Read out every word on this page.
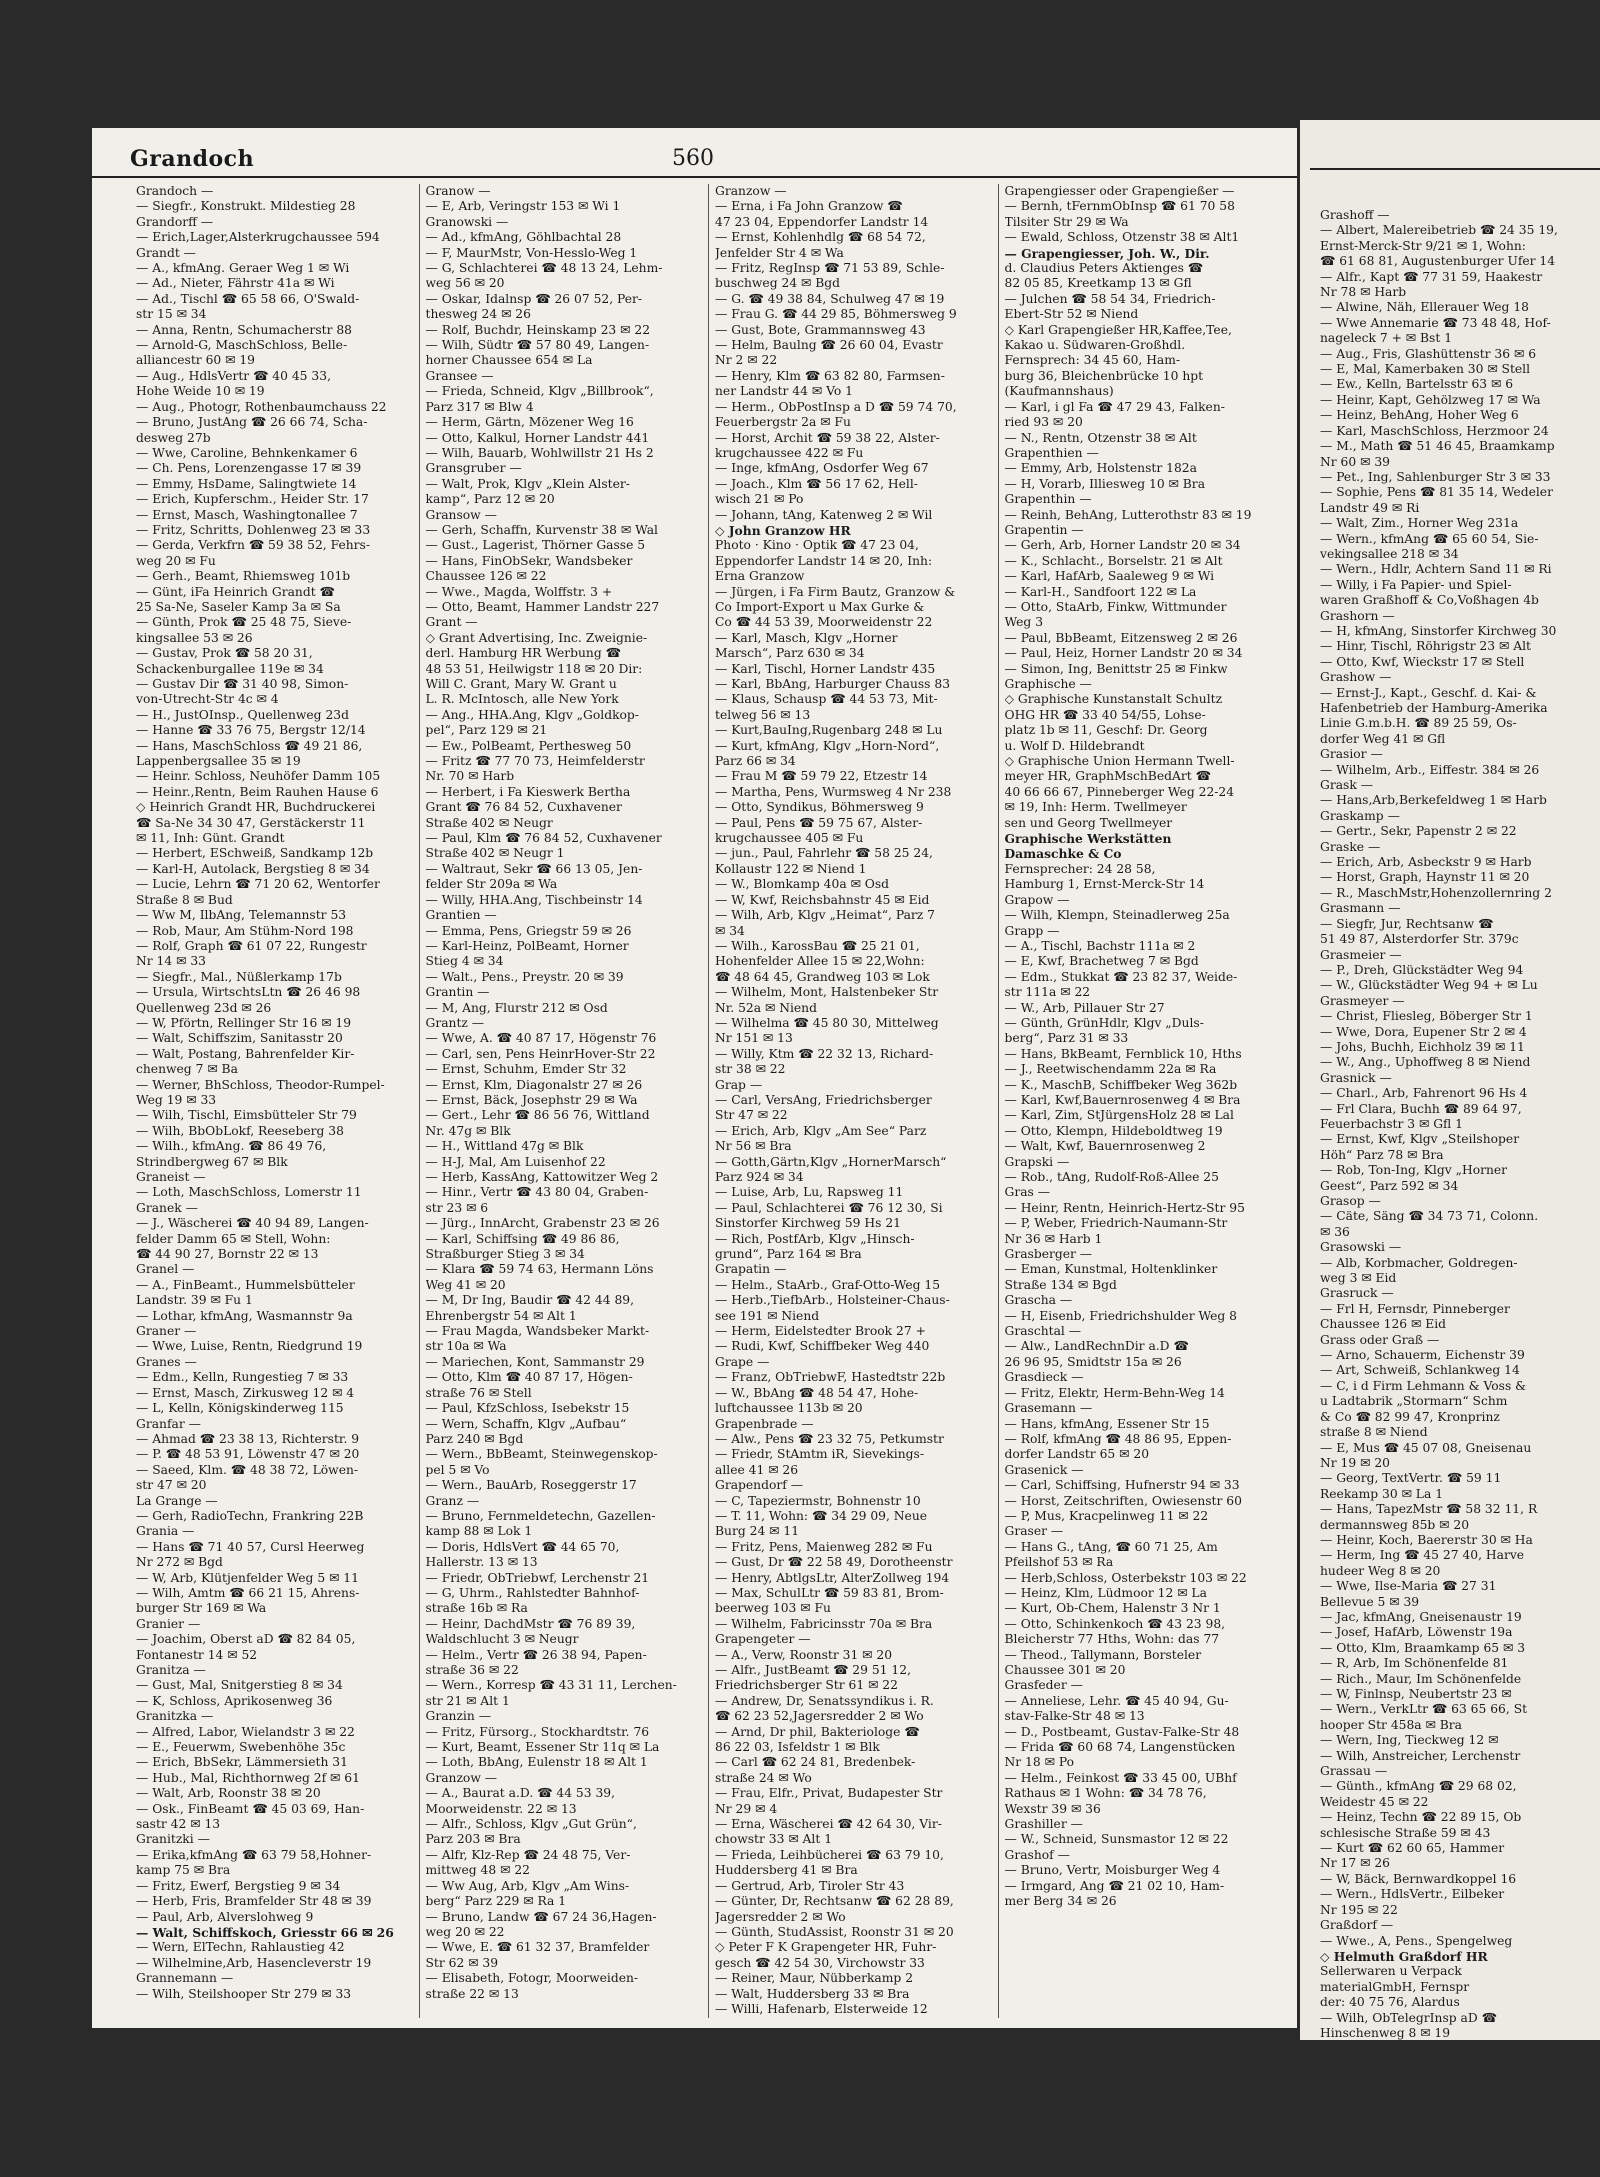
Grandoch	560
Grandoch —
— Siegfr., Konstrukt. Mildestieg 28
Grandorff —
— Erich,Lager,Alsterkrugchaussee 594
Grandt —
— A., kfmAng. Geraer Weg 1 ✉ Wi
— Ad., Nieter, Fährstr 41a ✉ Wi
— Ad., Tischl ☎ 65 58 66, O'Swald-
str 15 ✉ 34
— Anna, Rentn, Schumacherstr 88
— Arnold-G, MaschSchloss, Belle-
alliancestr 60 ✉ 19
— Aug., HdlsVertr ☎ 40 45 33,
Hohe Weide 10 ✉ 19
— Aug., Photogr, Rothenbaumchauss 22
— Bruno, JustAng ☎ 26 66 74, Scha-
desweg 27b
— Wwe, Caroline, Behnkenkamer 6
— Ch. Pens, Lorenzengasse 17 ✉ 39
— Emmy, HsDame, Salingtwiete 14
— Erich, Kupferschm., Heider Str. 17
— Ernst, Masch, Washingtonallee 7
— Fritz, Schritts, Dohlenweg 23 ✉ 33
— Gerda, Verkfrn ☎ 59 38 52, Fehrs-
weg 20 ✉ Fu
— Gerh., Beamt, Rhiemsweg 101b
— Günt, iFa Heinrich Grandt ☎
25 Sa-Ne, Saseler Kamp 3a ✉ Sa
— Günth, Prok ☎ 25 48 75, Sieve-
kingsallee 53 ✉ 26
— Gustav, Prok ☎ 58 20 31,
Schackenburgallee 119e ✉ 34
— Gustav Dir ☎ 31 40 98, Simon-
von-Utrecht-Str 4c ✉ 4
— H., JustOInsp., Quellenweg 23d
— Hanne ☎ 33 76 75, Bergstr 12/14
— Hans, MaschSchloss ☎ 49 21 86,
Lappenbergsallee 35 ✉ 19
— Heinr. Schloss, Neuhöfer Damm 105
— Heinr.,Rentn, Beim Rauhen Hause 6
◇ Heinrich Grandt HR, Buchdruckerei
☎ Sa-Ne 34 30 47, Gerstäckerstr 11
✉ 11, Inh: Günt. Grandt
— Herbert, ESchweiß, Sandkamp 12b
— Karl-H, Autolack, Bergstieg 8 ✉ 34
— Lucie, Lehrn ☎ 71 20 62, Wentorfer
Straße 8 ✉ Bud
— Ww M, IlbAng, Telemannstr 53
— Rob, Maur, Am Stühm-Nord 198
— Rolf, Graph ☎ 61 07 22, Rungestr
Nr 14 ✉ 33
— Siegfr., Mal., Nüßlerkamp 17b
— Ursula, WirtschtsLtn ☎ 26 46 98
Quellenweg 23d ✉ 26
— W, Pförtn, Rellinger Str 16 ✉ 19
— Walt, Schiffszim, Sanitasstr 20
— Walt, Postang, Bahrenfelder Kir-
chenweg 7 ✉ Ba
— Werner, BhSchloss, Theodor-Rumpel-
Weg 19 ✉ 33
— Wilh, Tischl, Eimsbütteler Str 79
— Wilh, BbObLokf, Reeseberg 38
— Wilh., kfmAng. ☎ 86 49 76,
Strindbergweg 67 ✉ Blk
Graneist —
— Loth, MaschSchloss, Lomerstr 11
Granek —
— J., Wäscherei ☎ 40 94 89, Langen-
felder Damm 65 ✉ Stell, Wohn:
☎ 44 90 27, Bornstr 22 ✉ 13
Granel —
— A., FinBeamt., Hummelsbütteler
Landstr. 39 ✉ Fu 1
— Lothar, kfmAng, Wasmannstr 9a
Graner —
— Wwe, Luise, Rentn, Riedgrund 19
Granes —
— Edm., Kelln, Rungestieg 7 ✉ 33
— Ernst, Masch, Zirkusweg 12 ✉ 4
— L, Kelln, Königskinderweg 115
Granfar —
— Ahmad ☎ 23 38 13, Richterstr. 9
— P. ☎ 48 53 91, Löwenstr 47 ✉ 20
— Saeed, Klm. ☎ 48 38 72, Löwen-
str 47 ✉ 20
La Grange —
— Gerh, RadioTechn, Frankring 22B
Grania —
— Hans ☎ 71 40 57, Cursl Heerweg
Nr 272 ✉ Bgd
— W, Arb, Klütjenfelder Weg 5 ✉ 11
— Wilh, Amtm ☎ 66 21 15, Ahrens-
burger Str 169 ✉ Wa
Granier —
— Joachim, Oberst aD ☎ 82 84 05,
Fontanestr 14 ✉ 52
Granitza —
— Gust, Mal, Snitgerstieg 8 ✉ 34
— K, Schloss, Aprikosenweg 36
Granitzka —
— Alfred, Labor, Wielandstr 3 ✉ 22
— E., Feuerwm, Swebenhöhe 35c
— Erich, BbSekr, Lämmersieth 31
— Hub., Mal, Richthornweg 2f ✉ 61
— Walt, Arb, Roonstr 38 ✉ 20
— Osk., FinBeamt ☎ 45 03 69, Han-
sastr 42 ✉ 13
Granitzki —
— Erika,kfmAng ☎ 63 79 58,Hohner-
kamp 75 ✉ Bra
— Fritz, Ewerf, Bergstieg 9 ✉ 34
— Herb, Fris, Bramfelder Str 48 ✉ 39
— Paul, Arb, Alverslohweg 9
— Walt, Schiffskoch, Griesstr 66 ✉ 26
— Wern, ElTechn, Rahlaustieg 42
— Wilhelmine,Arb, Hasencleverstr 19
Grannemann —
— Wilh, Steilshooper Str 279 ✉ 33
Granow —
— E, Arb, Veringstr 153 ✉ Wi 1
Granowski —
— Ad., kfmAng, Göhlbachtal 28
— F, MaurMstr, Von-Hesslo-Weg 1
— G, Schlachterei ☎ 48 13 24, Lehm-
weg 56 ✉ 20
— Oskar, Idalnsp ☎ 26 07 52, Per-
thesweg 24 ✉ 26
— Rolf, Buchdr, Heinskamp 23 ✉ 22
— Wilh, Südtr ☎ 57 80 49, Langen-
horner Chaussee 654 ✉ La
Gransee —
— Frieda, Schneid, Klgv „Billbrook“,
Parz 317 ✉ Blw 4
— Herm, Gärtn, Mözener Weg 16
— Otto, Kalkul, Horner Landstr 441
— Wilh, Bauarb, Wohlwillstr 21 Hs 2
Gransgruber —
— Walt, Prok, Klgv „Klein Alster-
kamp“, Parz 12 ✉ 20
Gransow —
— Gerh, Schaffn, Kurvenstr 38 ✉ Wal
— Gust., Lagerist, Thörner Gasse 5
— Hans, FinObSekr, Wandsbeker
Chaussee 126 ✉ 22
— Wwe., Magda, Wolffstr. 3 +
— Otto, Beamt, Hammer Landstr 227
Grant —
◇ Grant Advertising, Inc. Zweignie-
derl. Hamburg HR Werbung ☎
48 53 51, Heilwigstr 118 ✉ 20 Dir:
Will C. Grant, Mary W. Grant u
L. R. McIntosch, alle New York
— Ang., HHA.Ang, Klgv „Goldkop-
pel“, Parz 129 ✉ 21
— Ew., PolBeamt, Perthesweg 50
— Fritz ☎ 77 70 73, Heimfelderstr
Nr. 70 ✉ Harb
— Herbert, i Fa Kieswerk Bertha
Grant ☎ 76 84 52, Cuxhavener
Straße 402 ✉ Neugr
— Paul, Klm ☎ 76 84 52, Cuxhavener
Straße 402 ✉ Neugr 1
— Waltraut, Sekr ☎ 66 13 05, Jen-
felder Str 209a ✉ Wa
— Willy, HHA.Ang, Tischbeinstr 14
Grantien —
— Emma, Pens, Griegstr 59 ✉ 26
— Karl-Heinz, PolBeamt, Horner
Stieg 4 ✉ 34
— Walt., Pens., Preystr. 20 ✉ 39
Grantin —
— M, Ang, Flurstr 212 ✉ Osd
Grantz —
— Wwe, A. ☎ 40 87 17, Högenstr 76
— Carl, sen, Pens HeinrHover-Str 22
— Ernst, Schuhm, Emder Str 32
— Ernst, Klm, Diagonalstr 27 ✉ 26
— Ernst, Bäck, Josephstr 29 ✉ Wa
— Gert., Lehr ☎ 86 56 76, Wittland
Nr. 47g ✉ Blk
— H., Wittland 47g ✉ Blk
— H-J, Mal, Am Luisenhof 22
— Herb, KassAng, Kattowitzer Weg 2
— Hinr., Vertr ☎ 43 80 04, Graben-
str 23 ✉ 6
— Jürg., InnArcht, Grabenstr 23 ✉ 26
— Karl, Schiffsing ☎ 49 86 86,
Straßburger Stieg 3 ✉ 34
— Klara ☎ 59 74 63, Hermann Löns
Weg 41 ✉ 20
— M, Dr Ing, Baudir ☎ 42 44 89,
Ehrenbergstr 54 ✉ Alt 1
— Frau Magda, Wandsbeker Markt-
str 10a ✉ Wa
— Mariechen, Kont, Sammanstr 29
— Otto, Klm ☎ 40 87 17, Högen-
straße 76 ✉ Stell
— Paul, KfzSchloss, Isebekstr 15
— Wern, Schaffn, Klgv „Aufbau“
Parz 240 ✉ Bgd
— Wern., BbBeamt, Steinwegenskop-
pel 5 ✉ Vo
— Wern., BauArb, Roseggerstr 17
Granz —
— Bruno, Fernmeldetechn, Gazellen-
kamp 88 ✉ Lok 1
— Doris, HdlsVert ☎ 44 65 70,
Hallerstr. 13 ✉ 13
— Friedr, ObTriebwf, Lerchenstr 21
— G, Uhrm., Rahlstedter Bahnhof-
straße 16b ✉ Ra
— Heinr, DachdMstr ☎ 76 89 39,
Waldschlucht 3 ✉ Neugr
— Helm., Vertr ☎ 26 38 94, Papen-
straße 36 ✉ 22
— Wern., Korresp ☎ 43 31 11, Lerchen-
str 21 ✉ Alt 1
Granzin —
— Fritz, Fürsorg., Stockhardtstr. 76
— Kurt, Beamt, Essener Str 11q ✉ La
— Loth, BbAng, Eulenstr 18 ✉ Alt 1
Granzow —
— A., Baurat a.D. ☎ 44 53 39,
Moorweidenstr. 22 ✉ 13
— Alfr., Schloss, Klgv „Gut Grün“,
Parz 203 ✉ Bra
— Alfr, Klz-Rep ☎ 24 48 75, Ver-
mittweg 48 ✉ 22
— Ww Aug, Arb, Klgv „Am Wins-
berg“ Parz 229 ✉ Ra 1
— Bruno, Landw ☎ 67 24 36,Hagen-
weg 20 ✉ 22
— Wwe, E. ☎ 61 32 37, Bramfelder
Str 62 ✉ 39
— Elisabeth, Fotogr, Moorweiden-
straße 22 ✉ 13
Granzow —
— Erna, i Fa John Granzow ☎
47 23 04, Eppendorfer Landstr 14
— Ernst, Kohlenhdlg ☎ 68 54 72,
Jenfelder Str 4 ✉ Wa
— Fritz, RegInsp ☎ 71 53 89, Schle-
buschweg 24 ✉ Bgd
— G. ☎ 49 38 84, Schulweg 47 ✉ 19
— Frau G. ☎ 44 29 85, Böhmersweg 9
— Gust, Bote, Grammannsweg 43
— Helm, Baulng ☎ 26 60 04, Evastr
Nr 2 ✉ 22
— Henry, Klm ☎ 63 82 80, Farmsen-
ner Landstr 44 ✉ Vo 1
— Herm., ObPostInsp a D ☎ 59 74 70,
Feuerbergstr 2a ✉ Fu
— Horst, Archit ☎ 59 38 22, Alster-
krugchaussee 422 ✉ Fu
— Inge, kfmAng, Osdorfer Weg 67
— Joach., Klm ☎ 56 17 62, Hell-
wisch 21 ✉ Po
— Johann, tAng, Katenweg 2 ✉ Wil
◇ John Granzow HR
Photo · Kino · Optik ☎ 47 23 04,
Eppendorfer Landstr 14 ✉ 20, Inh:
Erna Granzow
— Jürgen, i Fa Firm Bautz, Granzow &
Co Import-Export u Max Gurke &
Co ☎ 44 53 39, Moorweidenstr 22
— Karl, Masch, Klgv „Horner
Marsch“, Parz 630 ✉ 34
— Karl, Tischl, Horner Landstr 435
— Karl, BbAng, Harburger Chauss 83
— Klaus, Schausp ☎ 44 53 73, Mit-
telweg 56 ✉ 13
— Kurt,BauIng,Rugenbarg 248 ✉ Lu
— Kurt, kfmAng, Klgv „Horn-Nord“,
Parz 66 ✉ 34
— Frau M ☎ 59 79 22, Etzestr 14
— Martha, Pens, Wurmsweg 4 Nr 238
— Otto, Syndikus, Böhmersweg 9
— Paul, Pens ☎ 59 75 67, Alster-
krugchaussee 405 ✉ Fu
— jun., Paul, Fahrlehr ☎ 58 25 24,
Kollaustr 122 ✉ Niend 1
— W., Blomkamp 40a ✉ Osd
— W, Kwf, Reichsbahnstr 45 ✉ Eid
— Wilh, Arb, Klgv „Heimat“, Parz 7
✉ 34
— Wilh., KarossBau ☎ 25 21 01,
Hohenfelder Allee 15 ✉ 22,Wohn:
☎ 48 64 45, Grandweg 103 ✉ Lok
— Wilhelm, Mont, Halstenbeker Str
Nr. 52a ✉ Niend
— Wilhelma ☎ 45 80 30, Mittelweg
Nr 151 ✉ 13
— Willy, Ktm ☎ 22 32 13, Richard-
str 38 ✉ 22
Grap —
— Carl, VersAng, Friedrichsberger
Str 47 ✉ 22
— Erich, Arb, Klgv „Am See“ Parz
Nr 56 ✉ Bra
— Gotth,Gärtn,Klgv „HornerMarsch“
Parz 924 ✉ 34
— Luise, Arb, Lu, Rapsweg 11
— Paul, Schlachterei ☎ 76 12 30, Si
Sinstorfer Kirchweg 59 Hs 21
— Rich, PostfArb, Klgv „Hinsch-
grund“, Parz 164 ✉ Bra
Grapatin —
— Helm., StaArb., Graf-Otto-Weg 15
— Herb.,TiefbArb., Holsteiner-Chaus-
see 191 ✉ Niend
— Herm, Eidelstedter Brook 27 +
— Rudi, Kwf, Schiffbeker Weg 440
Grape —
— Franz, ObTriebwF, Hastedtstr 22b
— W., BbAng ☎ 48 54 47, Hohe-
luftchaussee 113b ✉ 20
Grapenbrade —
— Alw., Pens ☎ 23 32 75, Petkumstr
— Friedr, StAmtm iR, Sievekings-
allee 41 ✉ 26
Grapendorf —
— C, Tapeziermstr, Bohnenstr 10
— T. 11, Wohn: ☎ 34 29 09, Neue
Burg 24 ✉ 11
— Fritz, Pens, Maienweg 282 ✉ Fu
— Gust, Dr ☎ 22 58 49, Dorotheenstr
— Henry, AbtlgsLtr, AlterZollweg 194
— Max, SchulLtr ☎ 59 83 81, Brom-
beerweg 103 ✉ Fu
— Wilhelm, Fabricinsstr 70a ✉ Bra
Grapengeter —
— A., Verw, Roonstr 31 ✉ 20
— Alfr., JustBeamt ☎ 29 51 12,
Friedrichsberger Str 61 ✉ 22
— Andrew, Dr, Senatssyndikus i. R.
☎ 62 23 52,Jagersredder 2 ✉ Wo
— Arnd, Dr phil, Bakteriologe ☎
86 22 03, Isfeldstr 1 ✉ Blk
— Carl ☎ 62 24 81, Bredenbek-
straße 24 ✉ Wo
— Frau, Elfr., Privat, Budapester Str
Nr 29 ✉ 4
— Erna, Wäscherei ☎ 42 64 30, Vir-
chowstr 33 ✉ Alt 1
— Frieda, Leihbücherei ☎ 63 79 10,
Huddersberg 41 ✉ Bra
— Gertrud, Arb, Tiroler Str 43
— Günter, Dr, Rechtsanw ☎ 62 28 89,
Jagersredder 2 ✉ Wo
— Günth, StudAssist, Roonstr 31 ✉ 20
◇ Peter F K Grapengeter HR, Fuhr-
gesch ☎ 42 54 30, Virchowstr 33
— Reiner, Maur, Nübberkamp 2
— Walt, Huddersberg 33 ✉ Bra
— Willi, Hafenarb, Elsterweide 12
Grapengiesser oder Grapengießer —
— Bernh, tFernmObInsp ☎ 61 70 58
Tilsiter Str 29 ✉ Wa
— Ewald, Schloss, Otzenstr 38 ✉ Alt1
— Grapengiesser, Joh. W., Dir.
d. Claudius Peters Aktienges ☎
82 05 85, Kreetkamp 13 ✉ Gfl
— Julchen ☎ 58 54 34, Friedrich-
Ebert-Str 52 ✉ Niend
◇ Karl Grapengießer HR,Kaffee,Tee,
Kakao u. Südwaren-Großhdl.
Fernsprech: 34 45 60, Ham-
burg 36, Bleichenbrücke 10 hpt
(Kaufmannshaus)
— Karl, i gl Fa ☎ 47 29 43, Falken-
ried 93 ✉ 20
— N., Rentn, Otzenstr 38 ✉ Alt
Grapenthien —
— Emmy, Arb, Holstenstr 182a
— H, Vorarb, Illiesweg 10 ✉ Bra
Grapenthin —
— Reinh, BehAng, Lutterothstr 83 ✉ 19
Grapentin —
— Gerh, Arb, Horner Landstr 20 ✉ 34
— K., Schlacht., Borselstr. 21 ✉ Alt
— Karl, HafArb, Saaleweg 9 ✉ Wi
— Karl-H., Sandfoort 122 ✉ La
— Otto, StaArb, Finkw, Wittmunder
Weg 3
— Paul, BbBeamt, Eitzensweg 2 ✉ 26
— Paul, Heiz, Horner Landstr 20 ✉ 34
— Simon, Ing, Benittstr 25 ✉ Finkw
Graphische —
◇ Graphische Kunstanstalt Schultz
OHG HR ☎ 33 40 54/55, Lohse-
platz 1b ✉ 11, Geschf: Dr. Georg
u. Wolf D. Hildebrandt
◇ Graphische Union Hermann Twell-
meyer HR, GraphMschBedArt ☎
40 66 66 67, Pinneberger Weg 22-24
✉ 19, Inh: Herm. Twellmeyer
sen und Georg Twellmeyer
Graphische Werkstätten
Damaschke & Co
Fernsprecher: 24 28 58,
Hamburg 1, Ernst-Merck-Str 14
Grapow —
— Wilh, Klempn, Steinadlerweg 25a
Grapp —
— A., Tischl, Bachstr 111a ✉ 2
— E, Kwf, Brachetweg 7 ✉ Bgd
— Edm., Stukkat ☎ 23 82 37, Weide-
str 111a ✉ 22
— W., Arb, Pillauer Str 27
— Günth, GrünHdlr, Klgv „Duls-
berg“, Parz 31 ✉ 33
— Hans, BkBeamt, Fernblick 10, Hths
— J., Reetwischendamm 22a ✉ Ra
— K., MaschB, Schiffbeker Weg 362b
— Karl, Kwf,Bauernrosenweg 4 ✉ Bra
— Karl, Zim, StJürgensHolz 28 ✉ Lal
— Otto, Klempn, Hildeboldtweg 19
— Walt, Kwf, Bauernrosenweg 2
Grapski —
— Rob., tAng, Rudolf-Roß-Allee 25
Gras —
— Heinr, Rentn, Heinrich-Hertz-Str 95
— P, Weber, Friedrich-Naumann-Str
Nr 36 ✉ Harb 1
Grasberger —
— Eman, Kunstmal, Holtenklinker
Straße 134 ✉ Bgd
Grascha —
— H, Eisenb, Friedrichshulder Weg 8
Graschtal —
— Alw., LandRechnDir a.D ☎
26 96 95, Smidtstr 15a ✉ 26
Grasdieck —
— Fritz, Elektr, Herm-Behn-Weg 14
Grasemann —
— Hans, kfmAng, Essener Str 15
— Rolf, kfmAng ☎ 48 86 95, Eppen-
dorfer Landstr 65 ✉ 20
Grasenick —
— Carl, Schiffsing, Hufnerstr 94 ✉ 33
— Horst, Zeitschriften, Owiesenstr 60
— P, Mus, Kracpelinweg 11 ✉ 22
Graser —
— Hans G., tAng, ☎ 60 71 25, Am
Pfeilshof 53 ✉ Ra
— Herb,Schloss, Osterbekstr 103 ✉ 22
— Heinz, Klm, Lüdmoor 12 ✉ La
— Kurt, Ob-Chem, Halenstr 3 Nr 1
— Otto, Schinkenkoch ☎ 43 23 98,
Bleicherstr 77 Hths, Wohn: das 77
— Theod., Tallymann, Borsteler
Chaussee 301 ✉ 20
Grasfeder —
— Anneliese, Lehr. ☎ 45 40 94, Gu-
stav-Falke-Str 48 ✉ 13
— D., Postbeamt, Gustav-Falke-Str 48
— Frida ☎ 60 68 74, Langenstücken
Nr 18 ✉ Po
— Helm., Feinkost ☎ 33 45 00, UBhf
Rathaus ✉ 1 Wohn: ☎ 34 78 76,
Wexstr 39 ✉ 36
Grashiller —
— W., Schneid, Sunsmastor 12 ✉ 22
Grashof —
— Bruno, Vertr, Moisburger Weg 4
— Irmgard, Ang ☎ 21 02 10, Ham-
mer Berg 34 ✉ 26
Grashoff —
— Albert, Malereibetrieb ☎ 24 35 19,
Ernst-Merck-Str 9/21 ✉ 1, Wohn:
☎ 61 68 81, Augustenburger Ufer 14
— Alfr., Kapt ☎ 77 31 59, Haakestr
Nr 78 ✉ Harb
— Alwine, Näh, Ellerauer Weg 18
— Wwe Annemarie ☎ 73 48 48, Hof-
nageleck 7 + ✉ Bst 1
— Aug., Fris, Glashüttenstr 36 ✉ 6
— E, Mal, Kamerbaken 30 ✉ Stell
— Ew., Kelln, Bartelsstr 63 ✉ 6
— Heinr, Kapt, Gehölzweg 17 ✉ Wa
— Heinz, BehAng, Hoher Weg 6
— Karl, MaschSchloss, Herzmoor 24
— M., Math ☎ 51 46 45, Braamkamp
Nr 60 ✉ 39
— Pet., Ing, Sahlenburger Str 3 ✉ 33
— Sophie, Pens ☎ 81 35 14, Wedeler
Landstr 49 ✉ Ri
— Walt, Zim., Horner Weg 231a
— Wern., kfmAng ☎ 65 60 54, Sie-
vekingsallee 218 ✉ 34
— Wern., Hdlr, Achtern Sand 11 ✉ Ri
— Willy, i Fa Papier- und Spiel-
waren Graßhoff & Co,Voßhagen 4b
Grashorn —
— H, kfmAng, Sinstorfer Kirchweg 30
— Hinr, Tischl, Röhrigstr 23 ✉ Alt
— Otto, Kwf, Wieckstr 17 ✉ Stell
Grashow —
— Ernst-J., Kapt., Geschf. d. Kai- &
Hafenbetrieb der Hamburg-Amerika
Linie G.m.b.H. ☎ 89 25 59, Os-
dorfer Weg 41 ✉ Gfl
Grasior —
— Wilhelm, Arb., Eiffestr. 384 ✉ 26
Grask —
— Hans,Arb,Berkefeldweg 1 ✉ Harb
Graskamp —
— Gertr., Sekr, Papenstr 2 ✉ 22
Graske —
— Erich, Arb, Asbeckstr 9 ✉ Harb
— Horst, Graph, Haynstr 11 ✉ 20
— R., MaschMstr,Hohenzollernring 2
Grasmann —
— Siegfr, Jur, Rechtsanw ☎
51 49 87, Alsterdorfer Str. 379c
Grasmeier —
— P., Dreh, Glückstädter Weg 94
— W., Glückstädter Weg 94 + ✉ Lu
Grasmeyer —
— Christ, Fliesleg, Böberger Str 1
— Wwe, Dora, Eupener Str 2 ✉ 4
— Johs, Buchh, Eichholz 39 ✉ 11
— W., Ang., Uphoffweg 8 ✉ Niend
Grasnick —
— Charl., Arb, Fahrenort 96 Hs 4
— Frl Clara, Buchh ☎ 89 64 97,
Feuerbachstr 3 ✉ Gfl 1
— Ernst, Kwf, Klgv „Steilshoper
Höh“ Parz 78 ✉ Bra
— Rob, Ton-Ing, Klgv „Horner
Geest“, Parz 592 ✉ 34
Grasop —
— Cäte, Säng ☎ 34 73 71, Colonn.
✉ 36
Grasowski —
— Alb, Korbmacher, Goldregen-
weg 3 ✉ Eid
Grasruck —
— Frl H, Fernsdr, Pinneberger
Chaussee 126 ✉ Eid
Grass oder Graß —
— Arno, Schauerm, Eichenstr 39
— Art, Schweiß, Schlankweg 14
— C, i d Firm Lehmann & Voss &
u Ladtabrik „Stormarn“ Schm
& Co ☎ 82 99 47, Kronprinz
straße 8 ✉ Niend
— E, Mus ☎ 45 07 08, Gneisenau
Nr 19 ✉ 20
— Georg, TextVertr. ☎ 59 11
Reekamp 30 ✉ La 1
— Hans, TapezMstr ☎ 58 32 11, R
dermannsweg 85b ✉ 20
— Heinr, Koch, Baererstr 30 ✉ Ha
— Herm, Ing ☎ 45 27 40, Harve
hudeer Weg 8 ✉ 20
— Wwe, Ilse-Maria ☎ 27 31
Bellevue 5 ✉ 39
— Jac, kfmAng, Gneisenaustr 19
— Josef, HafArb, Löwenstr 19a
— Otto, Klm, Braamkamp 65 ✉ 3
— R, Arb, Im Schönenfelde 81
— Rich., Maur, Im Schönenfelde
— W, Finlnsp, Neubertstr 23 ✉
— Wern., VerkLtr ☎ 63 65 66, St
hooper Str 458a ✉ Bra
— Wern, Ing, Tieckweg 12 ✉
— Wilh, Anstreicher, Lerchenstr
Grassau —
— Günth., kfmAng ☎ 29 68 02,
Weidestr 45 ✉ 22
— Heinz, Techn ☎ 22 89 15, Ob
schlesische Straße 59 ✉ 43
— Kurt ☎ 62 60 65, Hammer
Nr 17 ✉ 26
— W, Bäck, Bernwardkoppel 16
— Wern., HdlsVertr., Eilbeker
Nr 195 ✉ 22
Graßdorf —
— Wwe., A, Pens., Spengelweg
◇ Helmuth Graßdorf HR
Sellerwaren u Verpack
materialGmbH, Fernspr
der: 40 75 76, Alardus
— Wilh, ObTelegrInsp aD ☎
Hinschenweg 8 ✉ 19
